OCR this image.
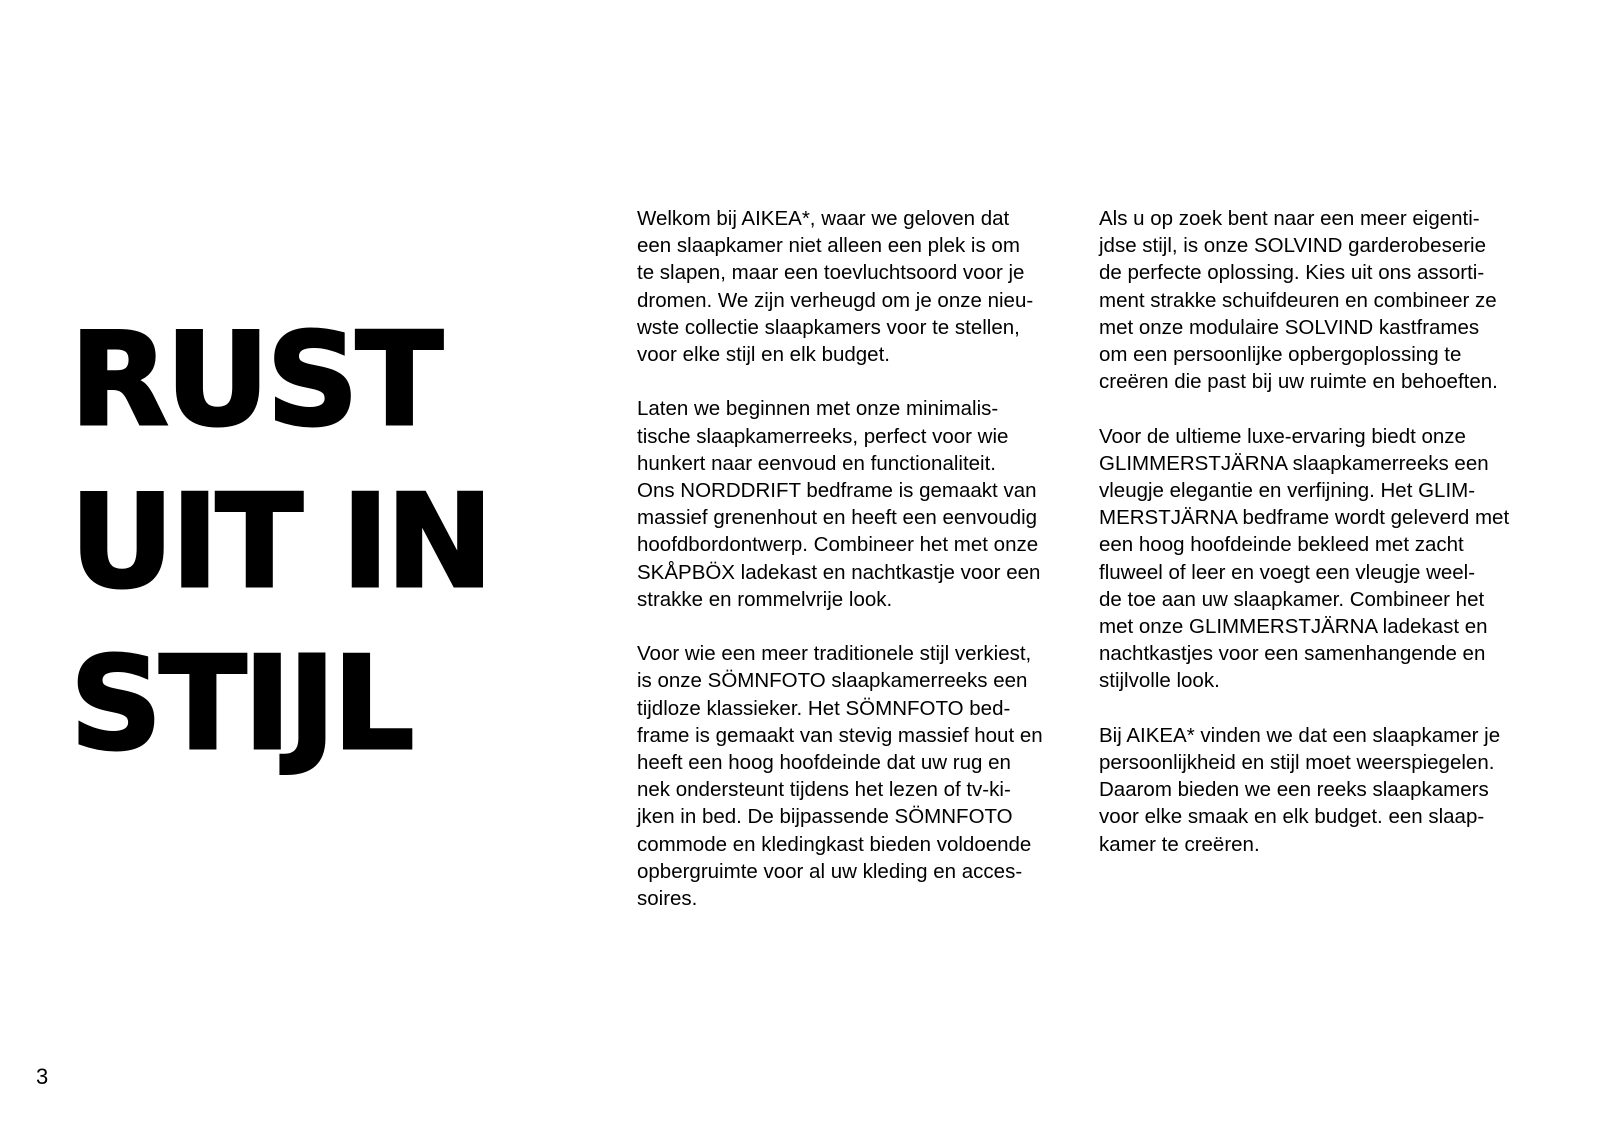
RUST
UIT IN
STIJL

Welkom bij AIKEA*, waar we geloven dat
een slaapkamer niet alleen een plek is om
te slapen, maar een toevluchtsoord voor je
dromen. We zijn verheugd om je onze nieu-
wste collectie slaapkamers voor te stellen,
voor elke stijl en elk budget.

Laten we beginnen met onze minimalis-
tische slaapkamerreeks, perfect voor wie
hunkert naar eenvoud en functionaliteit.
Ons NORDDRIFT bedframe is gemaakt van
massief grenenhout en heeft een eenvoudig
hoofdbordontwerp. Combineer het met onze
SKÅPBÖX ladekast en nachtkastje voor een
strakke en rommelvrije look.

Voor wie een meer traditionele stijl verkiest,
is onze SÖMNFOTO slaapkamerreeks een
tijdloze klassieker. Het SÖMNFOTO bed-
frame is gemaakt van stevig massief hout en
heeft een hoog hoofdeinde dat uw rug en
nek ondersteunt tijdens het lezen of tv-ki-
jken in bed. De bijpassende SÖMNFOTO
commode en kledingkast bieden voldoende
opbergruimte voor al uw kleding en acces-
soires.

Als u op zoek bent naar een meer eigenti-
jdse stijl, is onze SOLVIND garderobeserie
de perfecte oplossing. Kies uit ons assorti-
ment strakke schuifdeuren en combineer ze
met onze modulaire SOLVIND kastframes
om een persoonlijke opbergoplossing te
creëren die past bij uw ruimte en behoeften.

Voor de ultieme luxe-ervaring biedt onze
GLIMMERSTJÄRNA slaapkamerreeks een
vleugje elegantie en verfijning. Het GLIM-
MERSTJÄRNA bedframe wordt geleverd met
een hoog hoofdeinde bekleed met zacht
fluweel of leer en voegt een vleugje weel-
de toe aan uw slaapkamer. Combineer het
met onze GLIMMERSTJÄRNA ladekast en
nachtkastjes voor een samenhangende en
stijlvolle look.

Bij AIKEA* vinden we dat een slaapkamer je
persoonlijkheid en stijl moet weerspiegelen.
Daarom bieden we een reeks slaapkamers
voor elke smaak en elk budget. een slaap-
kamer te creëren.

3
